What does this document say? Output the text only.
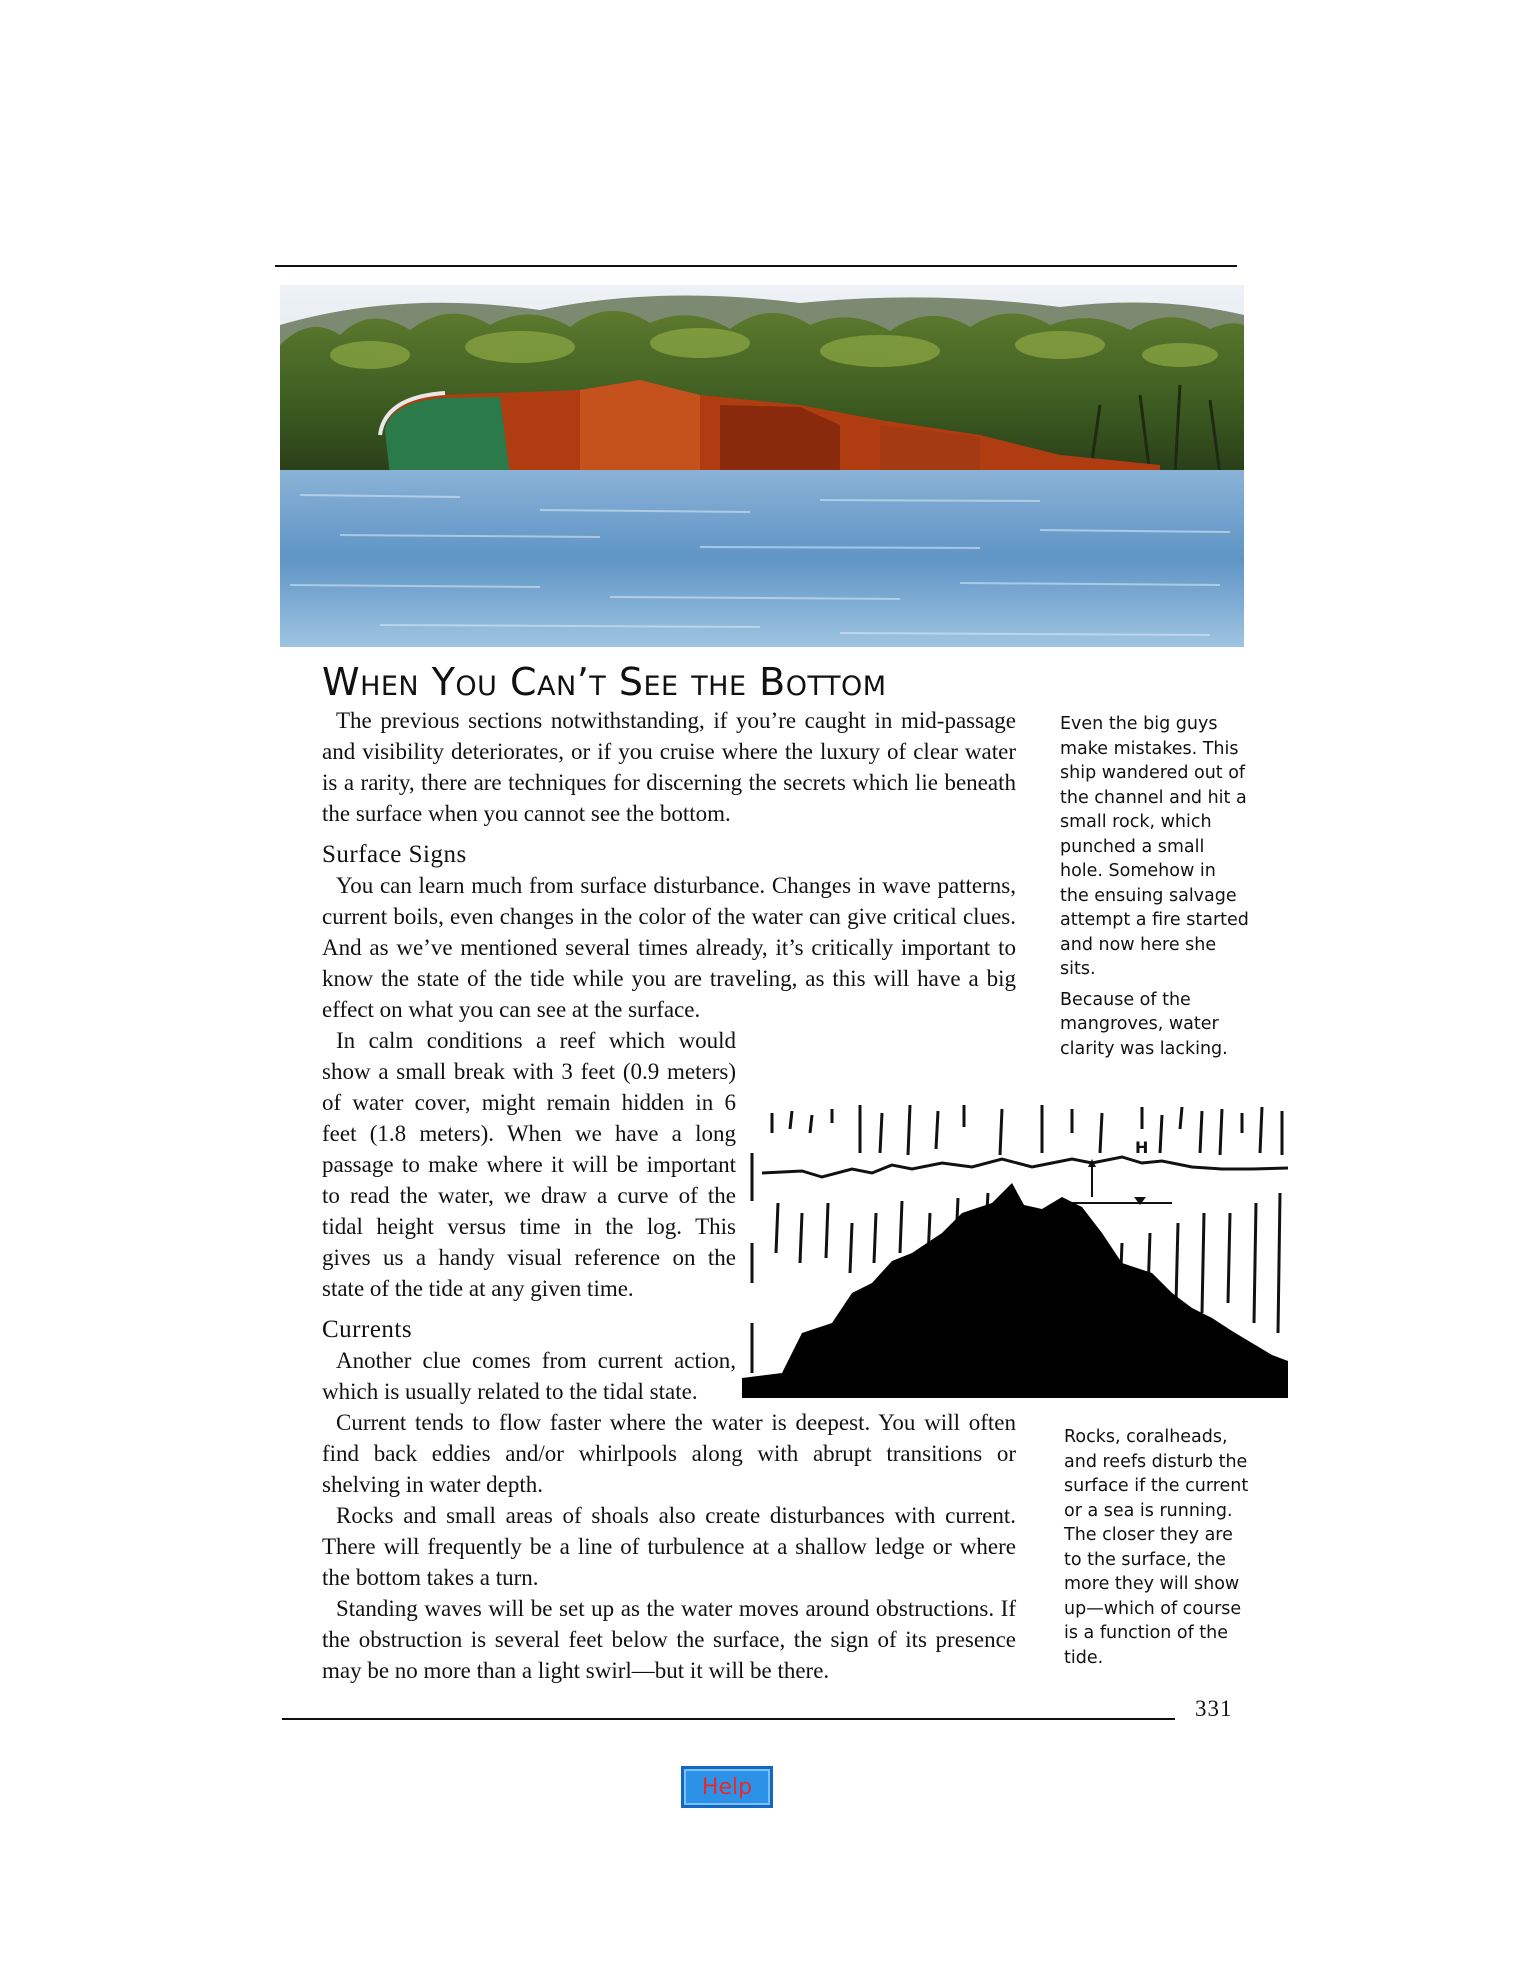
When You Can’t See the Bottom

The previous sections notwithstanding, if you’re caught in mid-passage and visibility deteriorates, or if you cruise where the luxury of clear water is a rarity, there are techniques for discerning the secrets which lie beneath the surface when you cannot see the bottom.

Surface Signs

You can learn much from surface disturbance. Changes in wave patterns, current boils, even changes in the color of the water can give critical clues. And as we’ve mentioned several times already, it’s critically important to know the state of the tide while you are traveling, as this will have a big effect on what you can see at the surface.

In calm conditions a reef which would show a small break with 3 feet (0.9 meters) of water cover, might remain hidden in 6 feet (1.8 meters). When we have a long passage to make where it will be important to read the water, we draw a curve of the tidal height versus time in the log. This gives us a handy visual reference on the state of the tide at any given time.

Currents

Another clue comes from current action, which is usually related to the tidal state.

Current tends to flow faster where the water is deepest. You will often find back eddies and/or whirlpools along with abrupt transitions or shelving in water depth.

Rocks and small areas of shoals also create disturbances with current. There will frequently be a line of turbulence at a shallow ledge or where the bottom takes a turn.

Standing waves will be set up as the water moves around obstructions. If the obstruction is several feet below the surface, the sign of its presence may be no more than a light swirl—but it will be there.

Even the big guys make mistakes. This ship wandered out of the channel and hit a small rock, which punched a small hole. Somehow in the ensuing salvage attempt a fire started and now here she sits.

Because of the mangroves, water clarity was lacking.

Rocks, coralheads, and reefs disturb the surface if the current or a sea is running. The closer they are to the surface, the more they will show up—which of course is a function of the tide.

H
331
Help
